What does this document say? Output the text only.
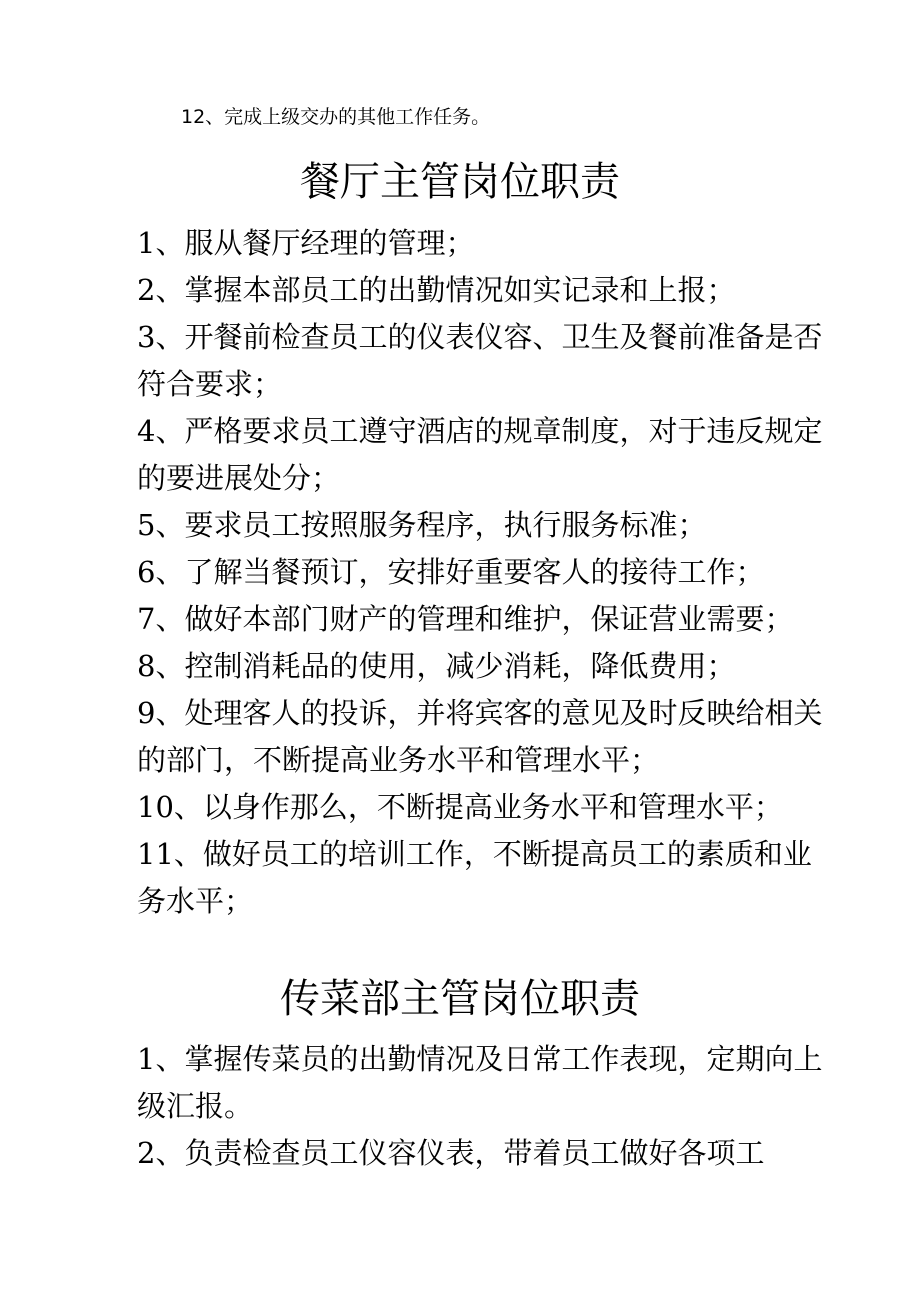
12、完成上级交办的其他工作任务。
餐厅主管岗位职责

1、服从餐厅经理的管理；

2、掌握本部员工的出勤情况如实记录和上报；

3、开餐前检查员工的仪表仪容、卫生及餐前准备是否

符合要求；

4、严格要求员工遵守酒店的规章制度，对于违反规定

的要进展处分；

5、要求员工按照服务程序，执行服务标准；

6、了解当餐预订，安排好重要客人的接待工作；

7、做好本部门财产的管理和维护，保证营业需要；

8、控制消耗品的使用，减少消耗，降低费用；

9、处理客人的投诉，并将宾客的意见及时反映给相关

的部门，不断提高业务水平和管理水平；

10、以身作那么，不断提高业务水平和管理水平；

11、做好员工的培训工作，不断提高员工的素质和业

务水平；

传菜部主管岗位职责

1、掌握传菜员的出勤情况及日常工作表现，定期向上

级汇报。

2、负责检查员工仪容仪表，带着员工做好各项工
